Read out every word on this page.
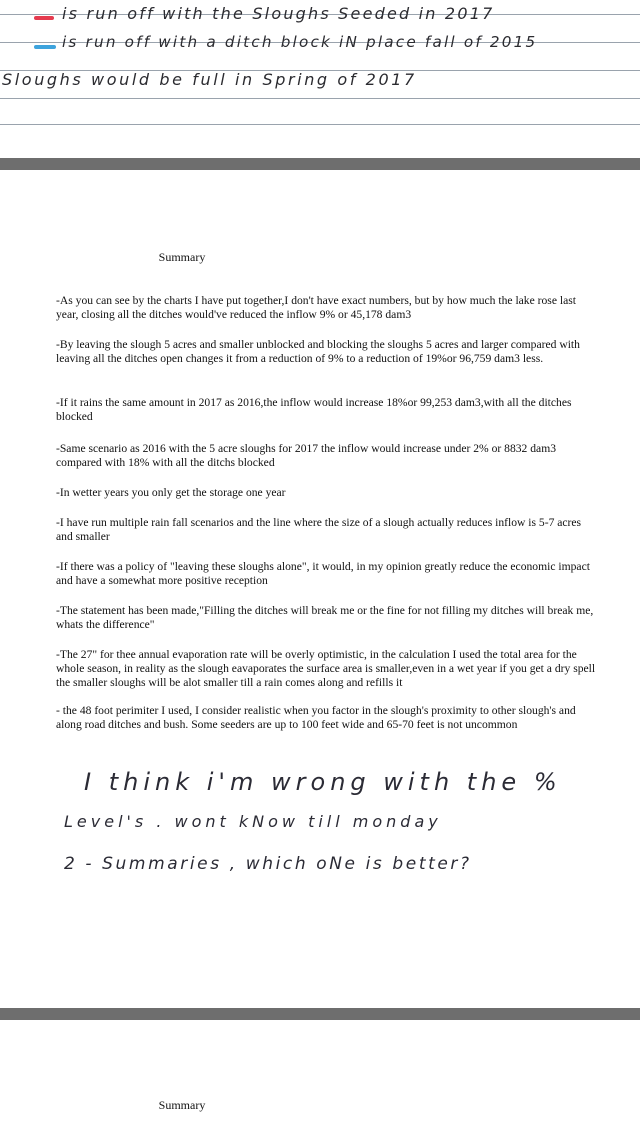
is run off with the Sloughs Seeded in 2017
is run off with a ditch block iN place fall of 2015
Sloughs would be full in Spring of 2017
Summary

-As you can see by the charts I have put together,I don't have exact numbers, but by how much the lake rose last year, closing all the ditches would've reduced the inflow 9% or 45,178 dam3

-By leaving the slough 5 acres and smaller unblocked and blocking the sloughs 5 acres and larger compared with leaving all the ditches open changes it from a reduction of 9% to a reduction of 19%or 96,759 dam3 less.

-If it rains the same amount in 2017 as 2016,the inflow would increase 18%or 99,253 dam3,with all the ditches blocked

-Same scenario as 2016 with the 5 acre sloughs for 2017 the inflow would increase under 2% or 8832 dam3 compared with 18% with all the ditchs blocked

-In wetter years you only get the storage one year

-I have run multiple rain fall scenarios and the line where the size of a slough actually reduces inflow is 5-7 acres and smaller

-If there was a policy of "leaving these sloughs alone", it would, in my opinion greatly reduce the economic impact and have a somewhat more positive reception

-The statement has been made,"Filling the ditches will break me or the fine for not filling my ditches will break me, whats the difference"

-The 27" for thee annual evaporation rate will be overly optimistic, in the calculation I used the total area for the whole season, in reality as the slough eavaporates the surface area is smaller,even in a wet year if you get a dry spell the smaller sloughs will be alot smaller till a rain comes along and refills it

- the 48 foot perimiter I used, I consider realistic when you factor in the slough's proximity to other slough's and along road ditches and bush. Some seeders are up to 100 feet wide and 65-70 feet is not uncommon

I think i'm wrong with the %
Level's . wont kNow till monday
2 - Summaries , which oNe is better?
Summary
